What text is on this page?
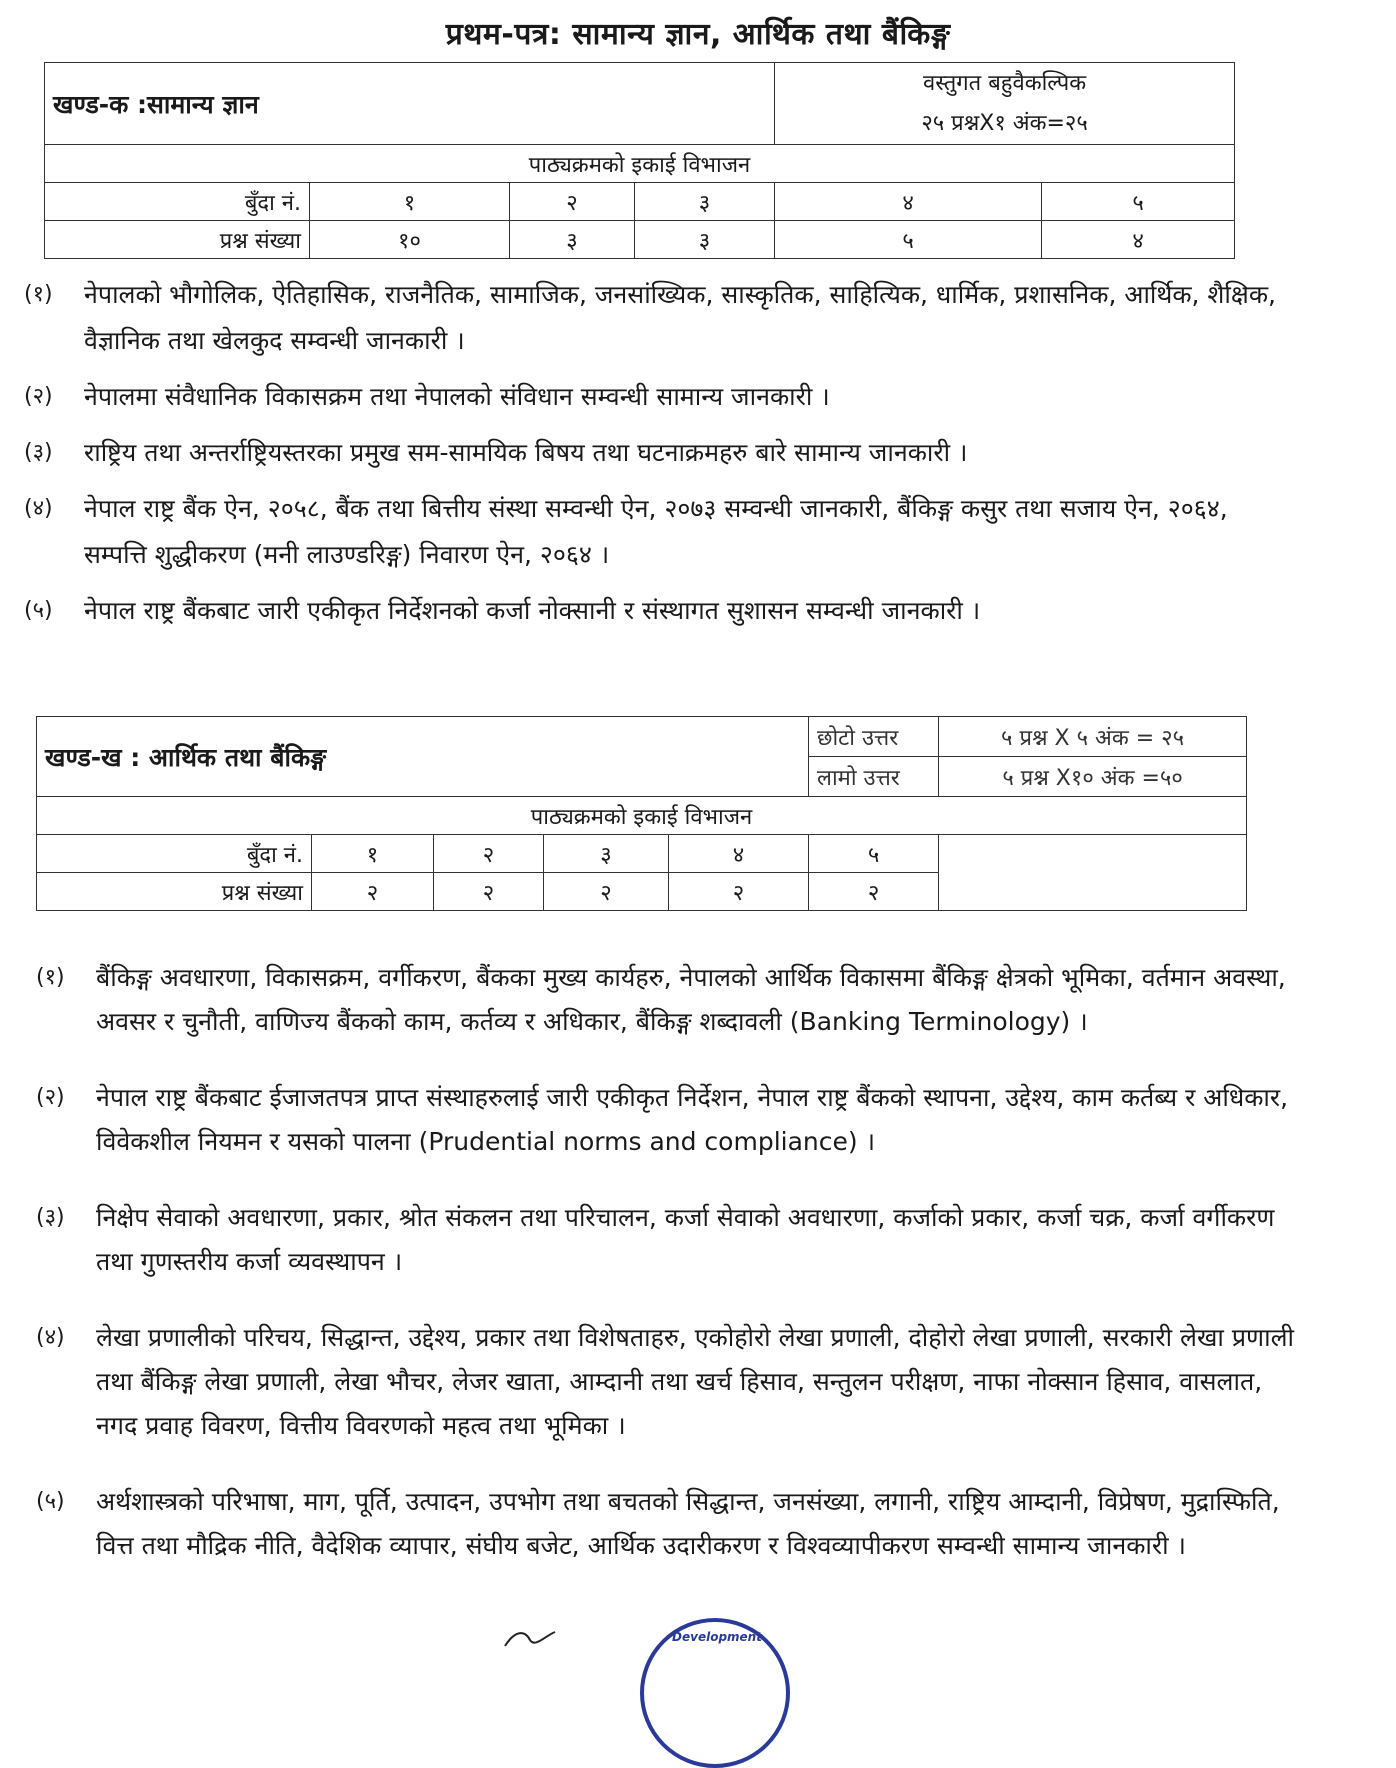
प्रथम-पत्र: सामान्य ज्ञान, आर्थिक तथा बैंकिङ्ग
खण्ड-क :सामान्य ज्ञान				वस्तुगत बहुवैकल्पिक
२५ प्रश्नX१ अंक=२५	

पाठ्यक्रमको इकाई विभाजन					
बुँदा नं.	१	२	३	४	५
प्रश्न संख्या	१०	३	३	५	४
(१) नेपालको भौगोलिक, ऐतिहासिक, राजनैतिक, सामाजिक, जनसांख्यिक, सास्कृतिक, साहित्यिक, धार्मिक, प्रशासनिक, आर्थिक, शैक्षिक, वैज्ञानिक तथा खेलकुद सम्वन्धी जानकारी ।
(२) नेपालमा संवैधानिक विकासक्रम तथा नेपालको संविधान सम्वन्धी सामान्य जानकारी ।
(३) राष्ट्रिय तथा अन्तर्राष्ट्रियस्तरका प्रमुख सम-सामयिक बिषय तथा घटनाक्रमहरु बारे सामान्य जानकारी ।
(४) नेपाल राष्ट्र बैंक ऐन, २०५८, बैंक तथा बित्तीय संस्था सम्वन्धी ऐन, २०७३ सम्वन्धी जानकारी, बैंकिङ्ग कसुर तथा सजाय ऐन, २०६४, सम्पत्ति शुद्धीकरण (मनी लाउण्डरिङ्ग) निवारण ऐन, २०६४ ।
(५) नेपाल राष्ट्र बैंकबाट जारी एकीकृत निर्देशनको कर्जा नोक्सानी र संस्थागत सुशासन सम्वन्धी जानकारी ।
खण्ड-ख : आर्थिक तथा बैंकिङ्ग					छोटो उत्तर	५ प्रश्न X ५ अंक = २५
					लामो उत्तर	५ प्रश्न X१० अंक =५०
पाठ्यक्रमको इकाई विभाजन						
बुँदा नं.	१	२	३	४	५	
प्रश्न संख्या	२	२	२	२	२	
(१) बैंकिङ्ग अवधारणा, विकासक्रम, वर्गीकरण, बैंकका मुख्य कार्यहरु, नेपालको आर्थिक विकासमा बैंकिङ्ग क्षेत्रको भूमिका, वर्तमान अवस्था, अवसर र चुनौती, वाणिज्य बैंकको काम, कर्तव्य र अधिकार, बैंकिङ्ग शब्दावली (Banking Terminology) ।
(२) नेपाल राष्ट्र बैंकबाट ईजाजतपत्र प्राप्त संस्थाहरुलाई जारी एकीकृत निर्देशन, नेपाल राष्ट्र बैंकको स्थापना, उद्देश्य, काम कर्तब्य र अधिकार, विवेकशील नियमन र यसको पालना (Prudential norms and compliance) ।
(३) निक्षेप सेवाको अवधारणा, प्रकार, श्रोत संकलन तथा परिचालन, कर्जा सेवाको अवधारणा, कर्जाको प्रकार, कर्जा चक्र, कर्जा वर्गीकरण तथा गुणस्तरीय कर्जा व्यवस्थापन ।
(४) लेखा प्रणालीको परिचय, सिद्धान्त, उद्देश्य, प्रकार तथा विशेषताहरु, एकोहोरो लेखा प्रणाली, दोहोरो लेखा प्रणाली, सरकारी लेखा प्रणाली तथा बैंकिङ्ग लेखा प्रणाली, लेखा भौचर, लेजर खाता, आम्दानी तथा खर्च हिसाव, सन्तुलन परीक्षण, नाफा नोक्सान हिसाव, वासलात, नगद प्रवाह विवरण, वित्तीय विवरणको महत्व तथा भूमिका ।
(५) अर्थशास्त्रको परिभाषा, माग, पूर्ति, उत्पादन, उपभोग तथा बचतको सिद्धान्त, जनसंख्या, लगानी, राष्ट्रिय आम्दानी, विप्रेषण, मुद्रास्फिति, वित्त तथा मौद्रिक नीति, वैदेशिक व्यापार, संघीय बजेट, आर्थिक उदारीकरण र विश्वव्यापीकरण सम्वन्धी सामान्य जानकारी ।
Development
